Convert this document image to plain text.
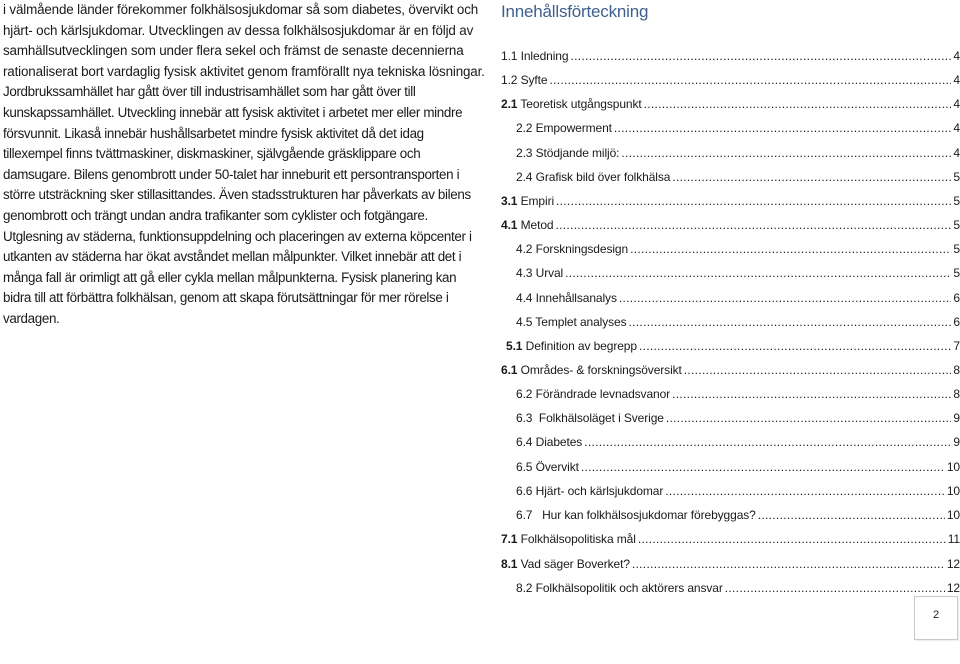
i välmående länder förekommer folkhälsosjukdomar så som diabetes, övervikt och
hjärt- och kärlsjukdomar. Utvecklingen av dessa folkhälsosjukdomar är en följd av
samhällsutvecklingen som under flera sekel och främst de senaste decennierna
rationaliserat bort vardaglig fysisk aktivitet genom framförallt nya tekniska lösningar.
Jordbrukssamhället har gått över till industrisamhället som har gått över till
kunskapssamhället. Utveckling innebär att fysisk aktivitet i arbetet mer eller mindre
försvunnit. Likaså innebär hushållsarbetet mindre fysisk aktivitet då det idag
tillexempel finns tvättmaskiner, diskmaskiner, självgående gräsklippare och
damsugare. Bilens genombrott under 50-talet har inneburit ett persontransporten i
större utsträckning sker stillasittandes. Även stadsstrukturen har påverkats av bilens
genombrott och trängt undan andra trafikanter som cyklister och fotgängare.
Utglesning av städerna, funktionsuppdelning och placeringen av externa köpcenter i
utkanten av städerna har ökat avståndet mellan målpunkter. Vilket innebär att det i
många fall är orimligt att gå eller cykla mellan målpunkterna. Fysisk planering kan
bidra till att förbättra folkhälsan, genom att skapa förutsättningar för mer rörelse i
vardagen.
Innehållsförteckning
1.1 Inledning .....	4
1.2 Syfte .....	4
2.1 Teoretisk utgångspunkt .....	4
2.2 Empowerment .....	4
2.3 Stödjande miljö: .....	4
2.4 Grafisk bild över folkhälsa .....	5
3.1 Empiri .....	5
4.1 Metod .....	5
4.2 Forskningsdesign .....	5
4.3 Urval .....	5
4.4 Innehållsanalys .....	6
4.5 Templet analyses .....	6
5.1 Definition av begrepp .....	7
6.1 Områdes- & forskningsöversikt .....	8
6.2 Förändrade levnadsvanor .....	8
6.3  Folkhälsoläget i Sverige .....	9
6.4 Diabetes .....	9
6.5 Övervikt .....	10
6.6 Hjärt- och kärlsjukdomar .....	10
6.7   Hur kan folkhälsosjukdomar förebyggas? .....	10
7.1 Folkhälsopolitiska mål .....	11
8.1 Vad säger Boverket? .....	12
8.2 Folkhälsopolitik och aktörers ansvar .....	12
2
